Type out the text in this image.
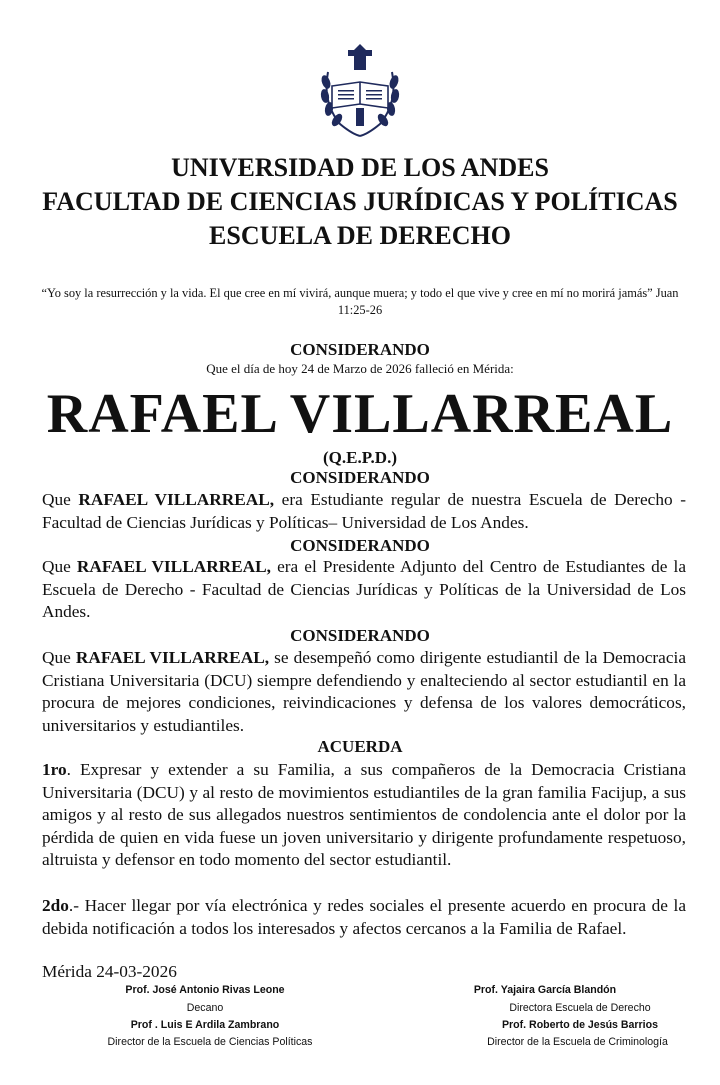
UNIVERSIDAD DE LOS ANDES
FACULTAD DE CIENCIAS JURÍDICAS Y POLÍTICAS
ESCUELA DE DERECHO
“Yo soy la resurrección y la vida. El que cree en mí vivirá, aunque muera; y todo el que vive y cree en mí no morirá jamás” Juan 11:25-26
CONSIDERANDO
Que el día de hoy 24 de Marzo de 2026 falleció en Mérida:
RAFAEL VILLARREAL
(Q.E.P.D.)
CONSIDERANDO
Que RAFAEL VILLARREAL, era Estudiante regular de nuestra Escuela de Derecho - Facultad de Ciencias Jurídicas y Políticas– Universidad de Los Andes.
CONSIDERANDO
Que RAFAEL VILLARREAL, era el Presidente Adjunto del Centro de Estudiantes de la Escuela de Derecho - Facultad de Ciencias Jurídicas y Políticas de la Universidad de Los Andes.
CONSIDERANDO
Que RAFAEL VILLARREAL, se desempeñó como dirigente estudiantil de la Democracia Cristiana Universitaria (DCU) siempre defendiendo y enalteciendo al sector estudiantil en la procura de mejores condiciones, reivindicaciones y defensa de los valores democráticos, universitarios y estudiantiles.
ACUERDA
1ro. Expresar y extender a su Familia, a sus compañeros de la Democracia Cristiana Universitaria (DCU) y al resto de movimientos estudiantiles de la gran familia Facijup, a sus amigos y al resto de sus allegados nuestros sentimientos de condolencia ante el dolor por la pérdida de quien en vida fuese un joven universitario y dirigente profundamente respetuoso, altruista y defensor en todo momento del sector estudiantil.
2do.- Hacer llegar por vía electrónica y redes sociales el presente acuerdo en procura de la debida notificación a todos los interesados y afectos cercanos a la Familia de Rafael.
Mérida 24-03-2026
Prof. José Antonio Rivas Leone
Decano
Prof . Luis E Ardila Zambrano
Director de la Escuela de Ciencias Políticas
Prof. Yajaira García Blandón
Directora Escuela de Derecho
Prof. Roberto de Jesús Barrios
Director de la Escuela de Criminología
